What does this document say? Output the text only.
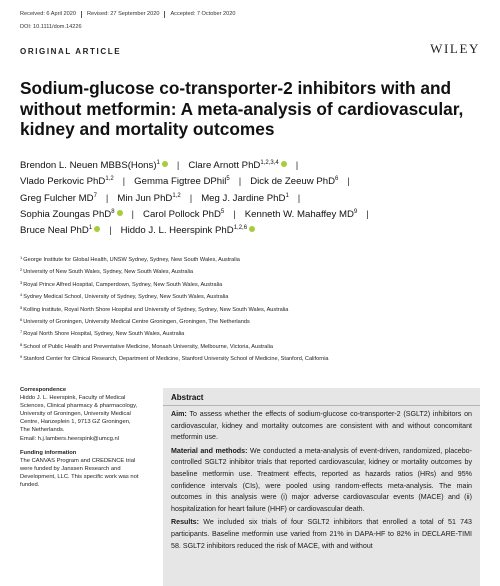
Received: 6 April 2020 Revised: 27 September 2020 Accepted: 7 October 2020
DOI: 10.1111/dom.14226
ORIGINAL ARTICLE	WILEY
Sodium-glucose co-transporter-2 inhibitors with and without metformin: A meta-analysis of cardiovascular, kidney and mortality outcomes
Brendon L. Neuen MBBS(Hons)$^1$ | Clare Arnott PhD$^{1,2,3,4}$ |
Vlado Perkovic PhD$^{1,2}$ | Gemma Figtree DPhil$^5$ | Dick de Zeeuw PhD$^6$ |
Greg Fulcher $MD^7$ | Min Jun PhD$^{1,2}$ | Meg J. Jardine PhD$^1$ |
Sophia Zoungas PhD$^8$ | Carol Pollock PhD$^5$ | Kenneth W. Mahaffey $MD^9$ |
Bruce Neal PhD$^1$ | Hiddo J. L. Heerspink PhD$^{1,2,6}$
$^1$George Institute for Global Health, UNSW Sydney, Sydney, New South Wales, Australia
$^2$University of New South Wales, Sydney, New South Wales, Australia
$^3$Royal Prince Alfred Hospital, Camperdown, Sydney, New South Wales, Australia
$^4$Sydney Medical School, University of Sydney, Sydney, New South Wales, Australia
$^5$Kolling Institute, Royal North Shore Hospital and University of Sydney, Sydney, New South Wales, Australia
$^6$University of Groningen, University Medical Centre Groningen, Groningen, The Netherlands
$^7$Royal North Shore Hospital, Sydney, New South Wales, Australia
$^8$School of Public Health and Preventative Medicine, Monash University, Melbourne, Victoria, Australia
$^9$Stanford Center for Clinical Research, Department of Medicine, Stanford University School of Medicine, Stanford, California
Correspondence
Hiddo J. L. Heerspink, Faculty of Medical
Sciences, Clinical pharmacy & pharmacology,
University of Groningen, University Medical
Centre, Hanzeplein 1, 9713 GZ Groningen,
The Netherlands.
Email: h.j.lambers.heerspink@umcg.nl
Funding information
The CANVAS Program and CREDENCE trial
were funded by Janssen Research and
Development, LLC. This specific work was not
funded.
Abstract

Aim: To assess whether the effects of sodium-glucose co-transporter-2 (SGLT2) inhibitors on cardiovascular, kidney and mortality outcomes are consistent with and without concomitant metformin use.

Material and methods: We conducted a meta-analysis of event-driven, randomized, placebo-controlled SGLT2 inhibitor trials that reported cardiovascular, kidney or mortality outcomes by baseline metformin use. Treatment effects, reported as hazards ratios (HRs) and 95% confidence intervals (CIs), were pooled using random-effects meta-analysis. The main outcomes in this analysis were (i) major adverse cardiovascular events (MACE) and (ii) hospitalization for heart failure (HHF) or cardiovascular death.

Results: We included six trials of four SGLT2 inhibitors that enrolled a total of 51 743 participants. Baseline metformin use varied from 21% in DAPA-HF to 82% in DECLARE-TIMI 58. SGLT2 inhibitors reduced the risk of MACE, with and without
